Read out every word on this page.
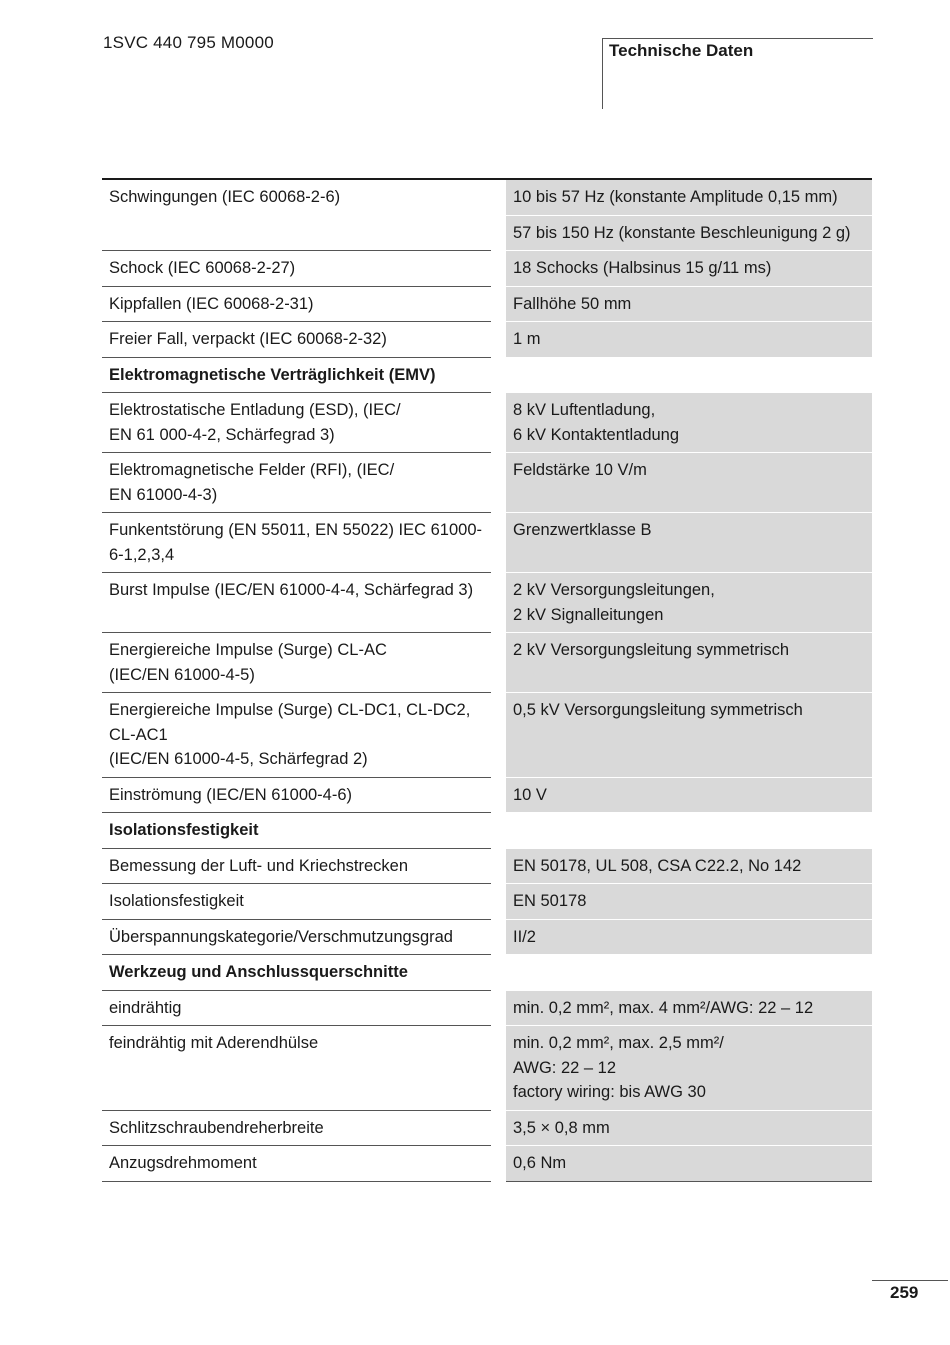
1SVC 440 795 M0000	Technische Daten
Schwingungen (IEC 60068-2-6)		10 bis 57 Hz (konstante Amplitude 0,15 mm)

		57 bis 150 Hz (konstante Beschleunigung 2 g)

Schock (IEC 60068-2-27)		18 Schocks (Halbsinus 15 g/11 ms)

Kippfallen (IEC 60068-2-31)		Fallhöhe 50 mm

Freier Fall, verpackt (IEC 60068-2-32)		1 m

Elektromagnetische Verträglichkeit (EMV)		

Elektrostatische Entladung (ESD), (IEC/
EN 61 000-4-2, Schärfegrad 3)		8 kV Luftentladung,
6 kV Kontaktentladung

Elektromagnetische Felder (RFI), (IEC/
EN 61000-4-3)		Feldstärke 10 V/m

Funkentstörung (EN 55011, EN 55022) IEC 61000-
6-1,2,3,4		Grenzwertklasse B

Burst Impulse (IEC/EN 61000-4-4, Schärfegrad 3)		2 kV Versorgungsleitungen,
2 kV Signalleitungen

Energiereiche Impulse (Surge) CL-AC
(IEC/EN 61000-4-5)		2 kV Versorgungsleitung symmetrisch

Energiereiche Impulse (Surge) CL-DC1, CL-DC2,
CL-AC1
(IEC/EN 61000-4-5, Schärfegrad 2)		0,5 kV Versorgungsleitung symmetrisch

Einströmung (IEC/EN 61000-4-6)		10 V

Isolationsfestigkeit		

Bemessung der Luft- und Kriechstrecken		EN 50178, UL 508, CSA C22.2, No 142

Isolationsfestigkeit		EN 50178

Überspannungskategorie/Verschmutzungsgrad		II/2

Werkzeug und Anschlussquerschnitte		

eindrähtig		min. 0,2 mm², max. 4 mm²/AWG: 22 – 12

feindrähtig mit Aderendhülse		min. 0,2 mm², max. 2,5 mm²/
AWG: 22 – 12
factory wiring: bis AWG 30

Schlitzschraubendreherbreite		3,5 × 0,8 mm

Anzugsdrehmoment		0,6 Nm
259
